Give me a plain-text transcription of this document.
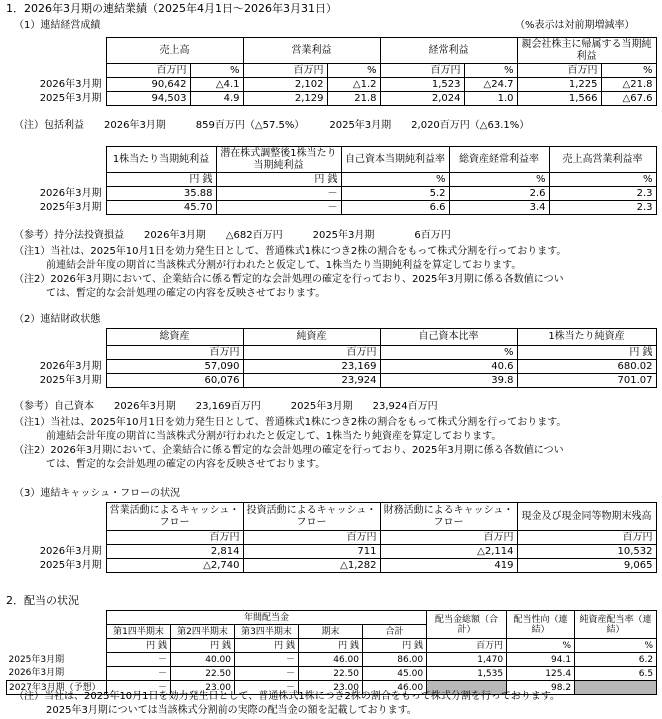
1．2026年3月期の連結業績（2025年4月1日～2026年3月31日）
（1）連結経営成績	（%表示は対前期増減率）
	売上高		営業利益		経常利益		親会社株主に帰属する当期純利益	
	百万円	%	百万円	%	百万円	%	百万円	%
2026年3月期	90,642	△4.1	2,102	△1.2	1,523	△24.7	1,225	△21.8
2025年3月期	94,503	4.9	2,129	21.8	2,024	1.0	1,566	△67.6
（注）包括利益　　2026年3月期　　　859百万円（△57.5%）　　　2025年3月期　　2,020百万円（△63.1%）
	1株当たり当期純利益	潜在株式調整後1株当たり当期純利益	自己資本当期純利益率	総資産経常利益率	売上高営業利益率
	円 銭	円 銭	%	%	%
2026年3月期	35.88	－	5.2	2.6	2.3
2025年3月期	45.70	－	6.6	3.4	2.3
（参考）持分法投資損益　　2026年3月期　　△682百万円　　　2025年3月期　　　　6百万円
（注1）当社は、2025年10月1日を効力発生日として、普通株式1株につき2株の割合をもって株式分割を行っております。
前連結会計年度の期首に当該株式分割が行われたと仮定して、1株当たり当期純利益を算定しております。
（注2）2026年3月期において、企業結合に係る暫定的な会計処理の確定を行っており、2025年3月期に係る各数値につい
ては、暫定的な会計処理の確定の内容を反映させております。
（2）連結財政状態
	総資産	純資産	自己資本比率	1株当たり純資産
	百万円	百万円	%	円 銭
2026年3月期	57,090	23,169	40.6	680.02
2025年3月期	60,076	23,924	39.8	701.07
（参考）自己資本　　2026年3月期　　23,169百万円　　　2025年3月期　　23,924百万円
（注1）当社は、2025年10月1日を効力発生日として、普通株式1株につき2株の割合をもって株式分割を行っております。
前連結会計年度の期首に当該株式分割が行われたと仮定して、1株当たり純資産を算定しております。
（注2）2026年3月期において、企業結合に係る暫定的な会計処理の確定を行っており、2025年3月期に係る各数値につい
ては、暫定的な会計処理の確定の内容を反映させております。
（3）連結キャッシュ・フローの状況
	営業活動によるキャッシュ・フロー	投資活動によるキャッシュ・フロー	財務活動によるキャッシュ・フロー	現金及び現金同等物期末残高
	百万円	百万円	百万円	百万円
2026年3月期	2,814	711	△2,114	10,532
2025年3月期	△2,740	△1,282	419	9,065
2．配当の状況
	年間配当金					配当金総額（合計）	配当性向（連結）	純資産配当率（連結）
	第1四半期末	第2四半期末	第3四半期末	期末	合計			
	円 銭	円 銭	円 銭	円 銭	円 銭	百万円	%	%
2025年3月期	－	40.00	－	46.00	86.00	1,470	94.1	6.2
2026年3月期	－	22.50	－	22.50	45.00	1,535	125.4	6.5
2027年3月期（予想）	－	23.00	－	23.00	46.00		98.2	
（注）当社は、2025年10月1日を効力発生日として、普通株式1株につき2株の割合をもって株式分割を行っております。
2025年3月期については当該株式分割前の実際の配当金の額を記載しております。
